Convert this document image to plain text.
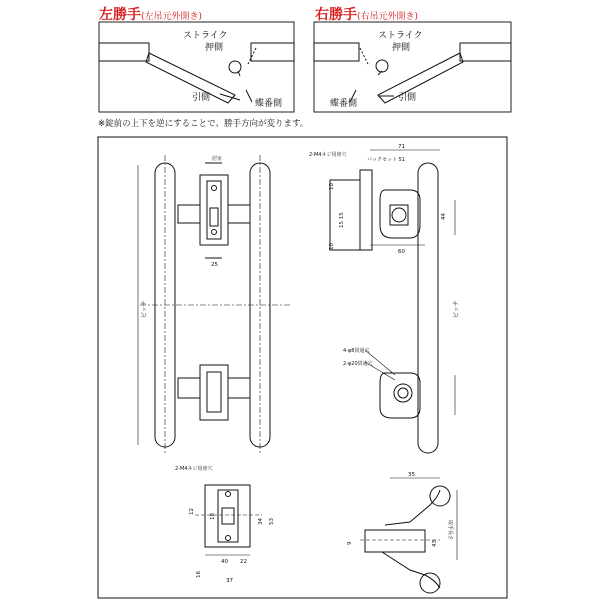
左勝手(左吊元外開き)	右勝手(右吊元外開き)
※錠前の上下を逆にすることで、勝手方向が変ります。
ストライク
押側
引側
蝶番側
ストライク
押側
引側
蝶番側
2-M4ネジ用座穴
バックセット 51
居室
ピッチ	ピッチ
4-φ8貫通穴
2-φ20貫通穴
2-M4ネジ用座穴
取手長さ
25
71
60
44
15 15
10
10
35
12
18
34 53
40 22
37
16
9	43
